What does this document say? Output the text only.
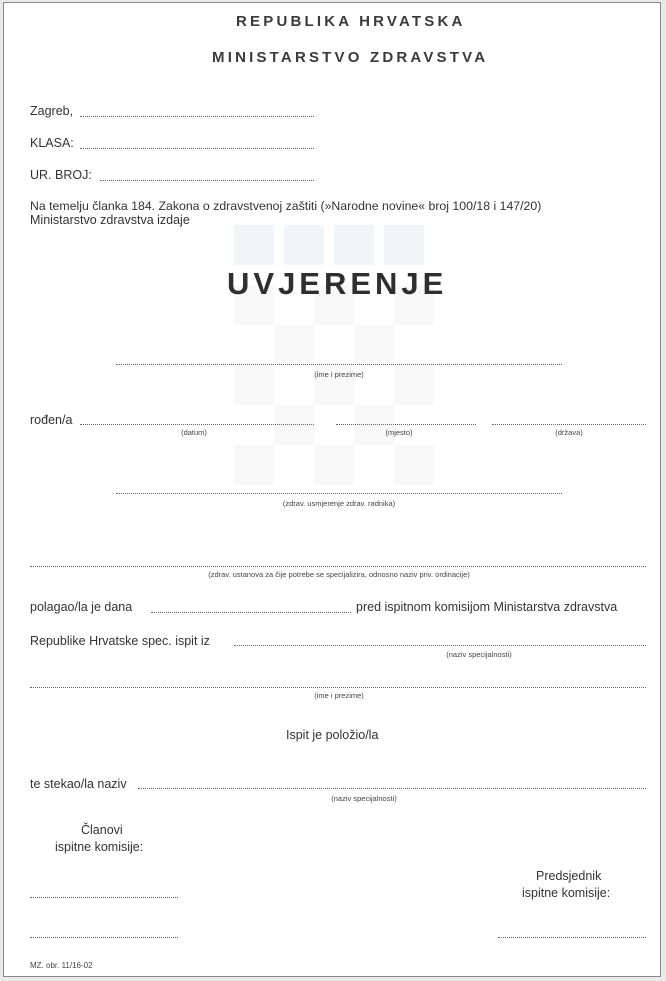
REPUBLIKA HRVATSKA
MINISTARSTVO ZDRAVSTVA
Zagreb,
KLASA:
UR. BROJ:
Na temelju članka 184. Zakona o zdravstvenoj zaštiti (»Narodne novine« broj 100/18 i 147/20)
Ministarstvo zdravstva izdaje
UVJERENJE
(ime i prezime)
rođen/a
(datum)	(mjesto)	(država)
(zdrav. usmjerenje zdrav. radnika)
(zdrav. ustanova za čije potrebe se specijalizira, odnosno naziv priv. ordinacije)
polagao/la je dana	pred ispitnom komisijom Ministarstva zdravstva
Republike Hrvatske spec. ispit iz
(naziv specijalnosti)
(ime i prezime)
Ispit je položio/la
te stekao/la naziv
(naziv specijalnosti)
Članovi
ispitne komisije:
Predsjednik
ispitne komisije:
MZ. obr. 11/16-02
